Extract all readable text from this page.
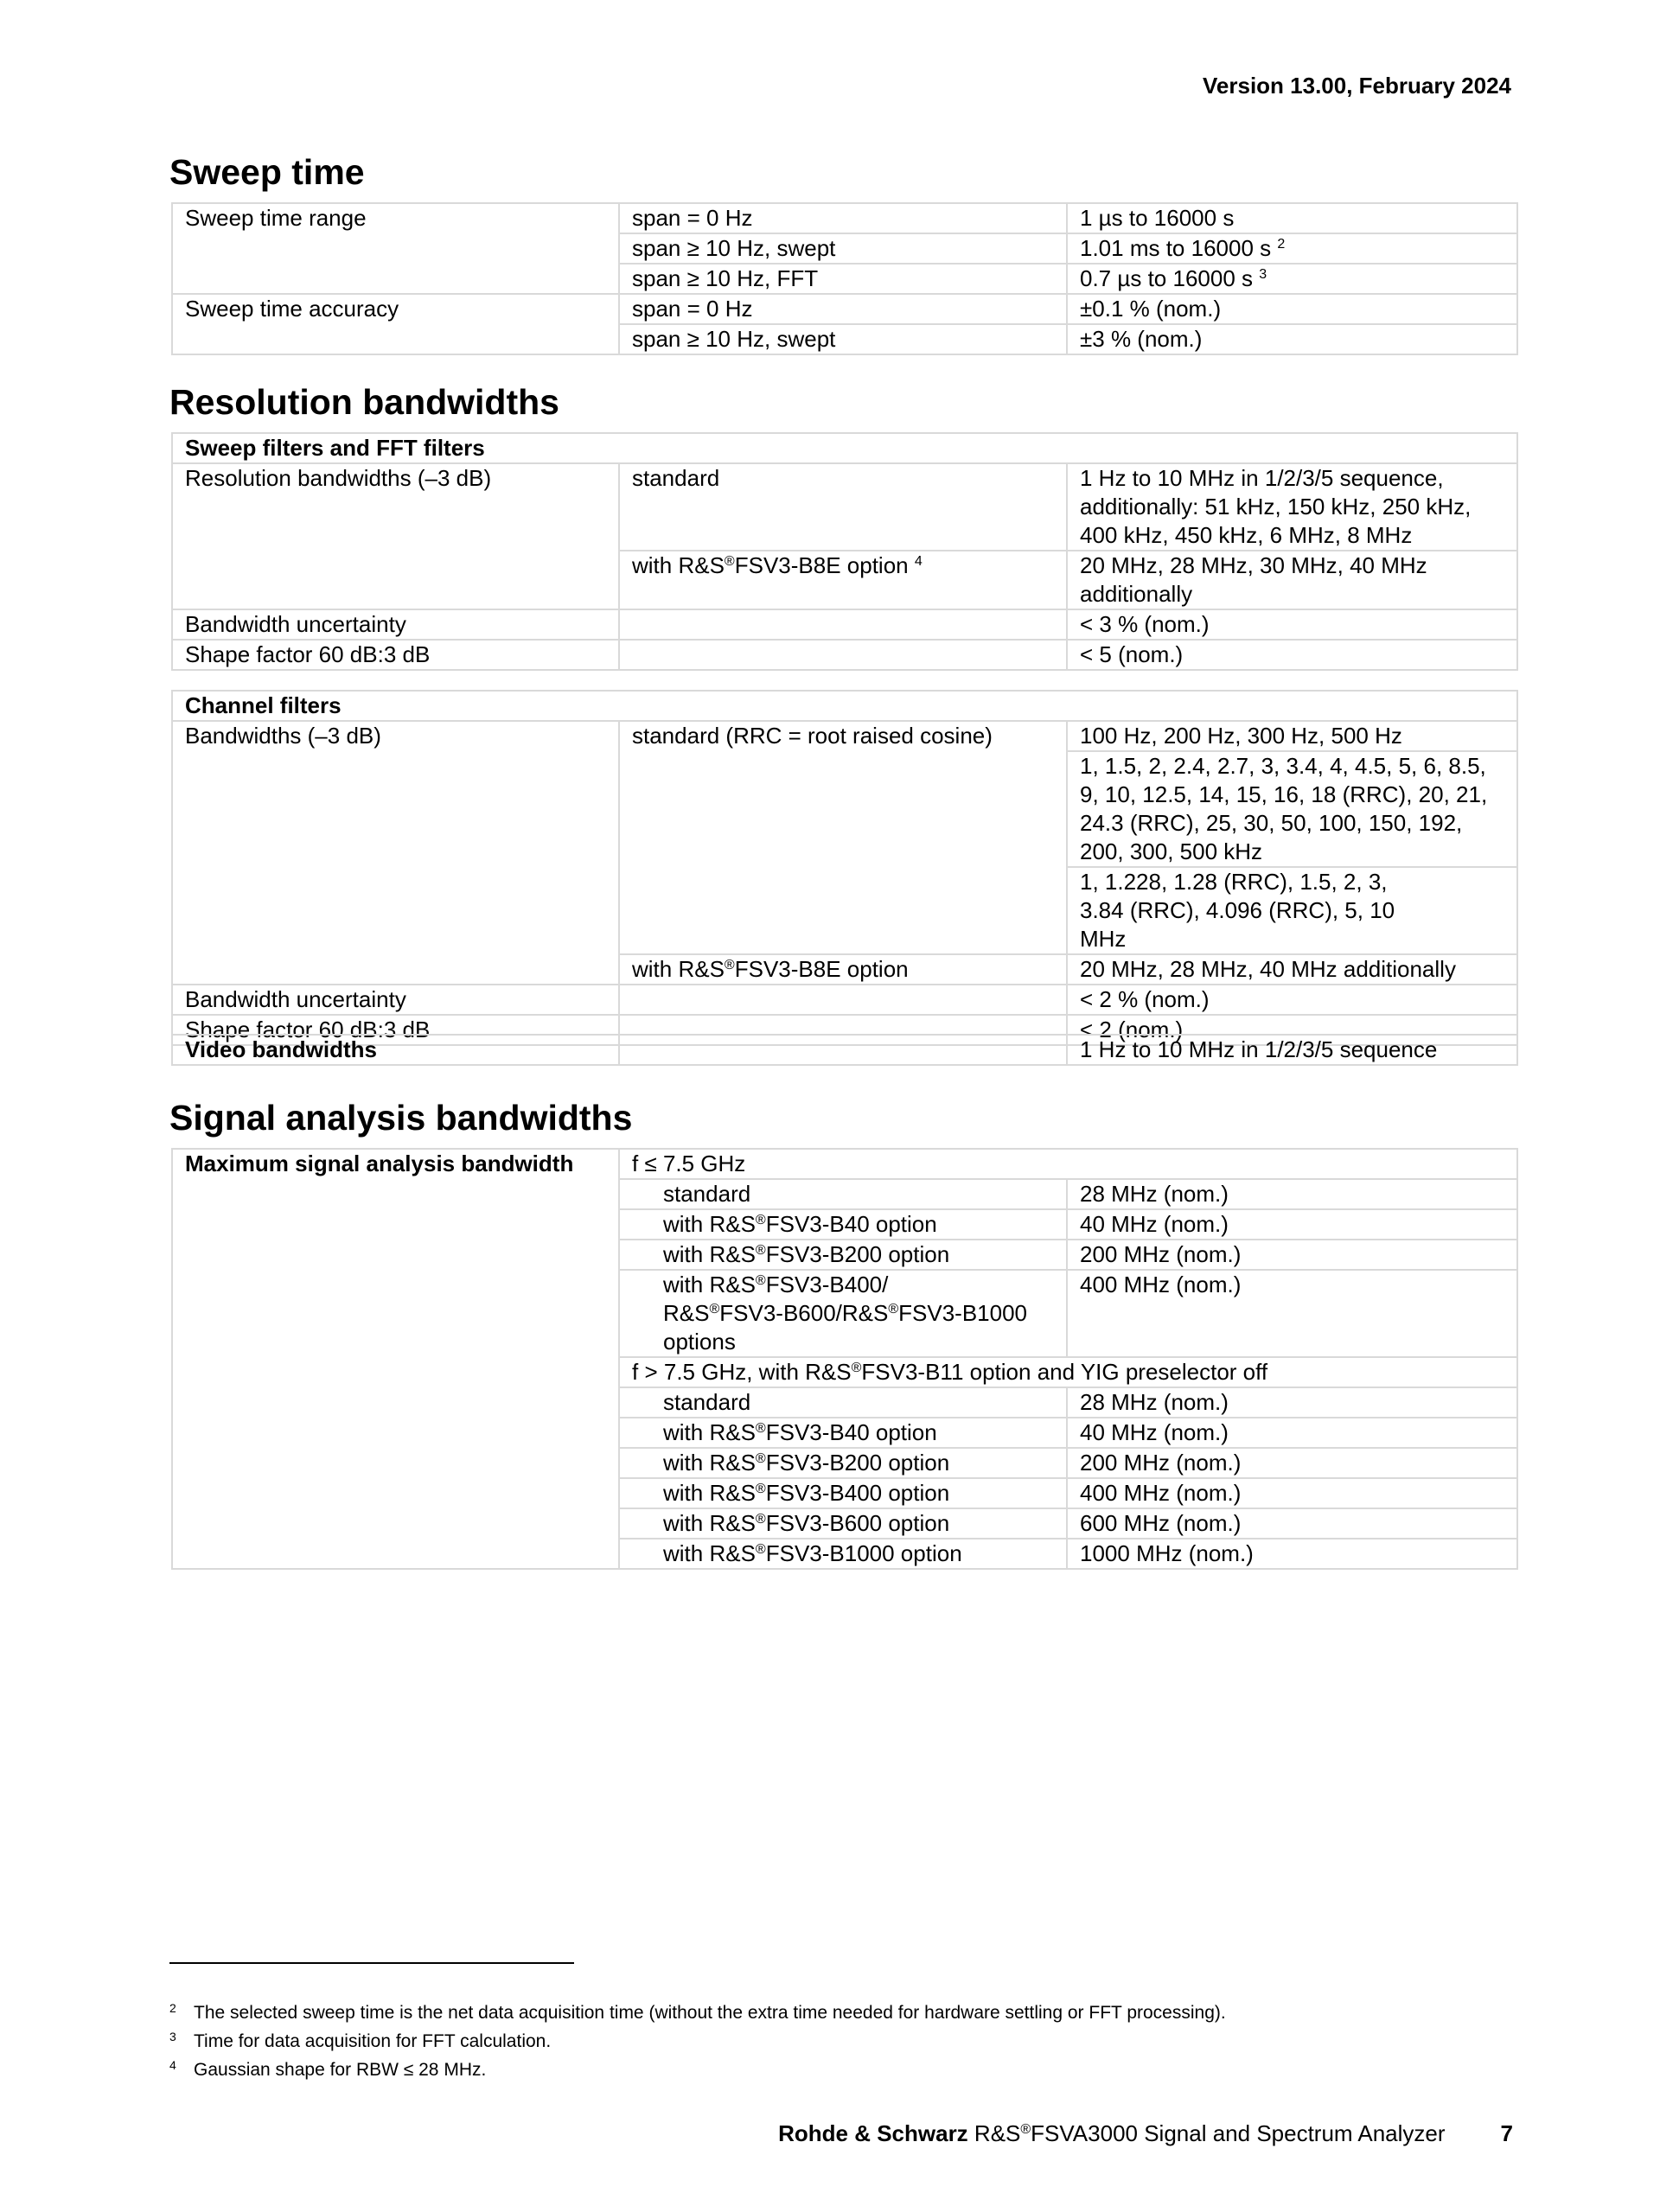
Version 13.00, February 2024
Sweep time
Sweep time range	span = 0 Hz	1 µs to 16000 s
	span ≥ 10 Hz, swept	1.01 ms to 16000 s $^2$
	span ≥ 10 Hz, FFT	0.7 µs to 16000 s $^3$
Sweep time accuracy	span = 0 Hz	±0.1 % (nom.)
	span ≥ 10 Hz, swept	±3 % (nom.)
Resolution bandwidths
Sweep filters and FFT filters		
Resolution bandwidths (–3 dB)	standard	1 Hz to 10 MHz in 1/2/3/5 sequence, additionally: 51 kHz, 150 kHz, 250 kHz, 400 kHz, 450 kHz, 6 MHz, 8 MHz
	with R&S®FSV3-B8E option $^4$	20 MHz, 28 MHz, 30 MHz, 40 MHz additionally
Bandwidth uncertainty		< 3 % (nom.)
Shape factor 60 dB:3 dB		< 5 (nom.)
Channel filters		
Bandwidths (–3 dB)	standard (RRC = root raised cosine)	100 Hz, 200 Hz, 300 Hz, 500 Hz
		1, 1.5, 2, 2.4, 2.7, 3, 3.4, 4, 4.5, 5, 6, 8.5, 9, 10, 12.5, 14, 15, 16, 18 (RRC), 20, 21, 24.3 (RRC), 25, 30, 50, 100, 150, 192, 200, 300, 500 kHz
		1, 1.228, 1.28 (RRC), 1.5, 2, 3, 3.84 (RRC), 4.096 (RRC), 5, 10 MHz
	with R&S®FSV3-B8E option	20 MHz, 28 MHz, 40 MHz additionally
Bandwidth uncertainty		< 2 % (nom.)
Shape factor 60 dB:3 dB		< 2 (nom.)
Video bandwidths		1 Hz to 10 MHz in 1/2/3/5 sequence
Signal analysis bandwidths
Maximum signal analysis bandwidth	f ≤ 7.5 GHz	
	standard	28 MHz (nom.)
	with R&S®FSV3-B40 option	40 MHz (nom.)
	with R&S®FSV3-B200 option	200 MHz (nom.)

	with R&S®FSV3-B400/
R&S®FSV3-B600/R&S®FSV3-B1000
options	400 MHz (nom.)
	f > 7.5 GHz, with R&S®FSV3-B11 option and YIG preselector off	
	standard	28 MHz (nom.)
	with R&S®FSV3-B40 option	40 MHz (nom.)
	with R&S®FSV3-B200 option	200 MHz (nom.)
	with R&S®FSV3-B400 option	400 MHz (nom.)
	with R&S®FSV3-B600 option	600 MHz (nom.)
	with R&S®FSV3-B1000 option	1000 MHz (nom.)
2 The selected sweep time is the net data acquisition time (without the extra time needed for hardware settling or FFT processing).
3 Time for data acquisition for FFT calculation.
4 Gaussian shape for RBW ≤ 28 MHz.
Rohde & Schwarz R&S®FSVA3000 Signal and Spectrum Analyzer 7
